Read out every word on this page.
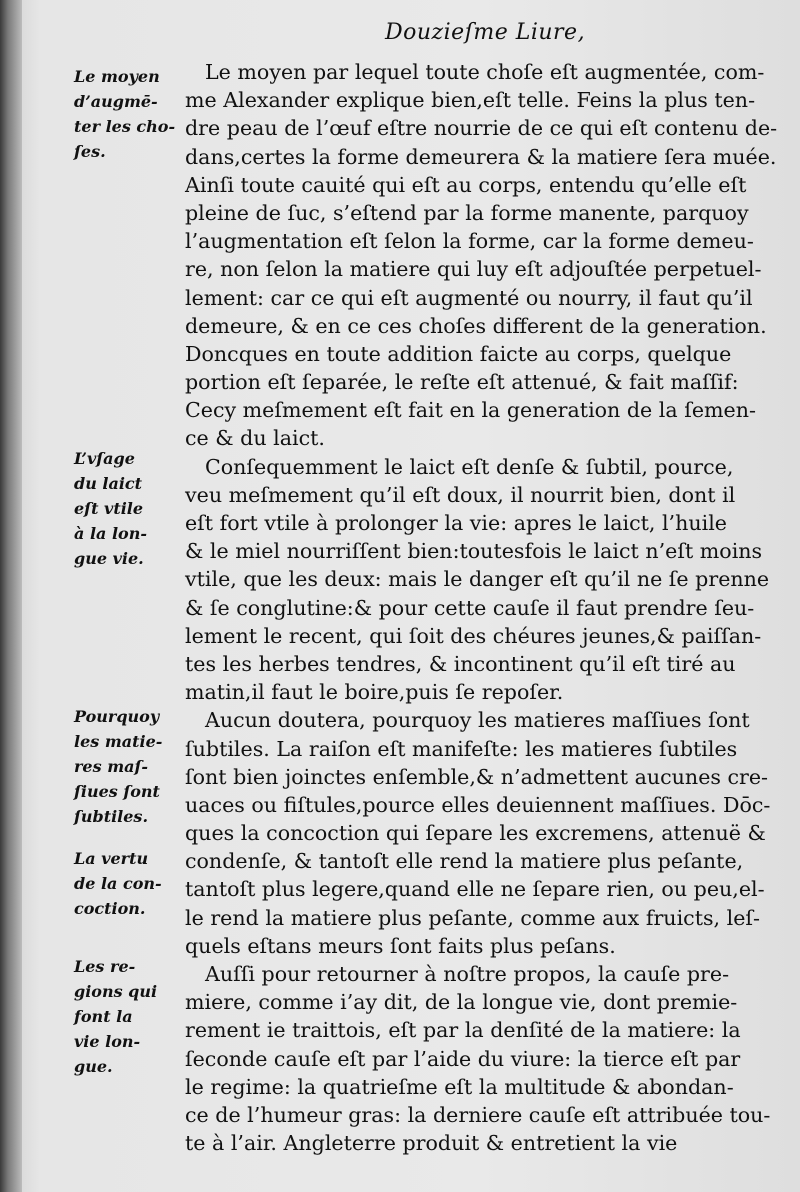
Douzieſme Liure,
Le moyen par lequel toute choſe eſt augmentée, com-
me Alexander explique bien,eſt telle. Feins la plus ten-
dre peau de l’œuf eſtre nourrie de ce qui eſt contenu de-
dans,certes la forme demeurera & la matiere ſera muée.
Ainſi toute cauité qui eſt au corps, entendu qu’elle eſt
pleine de ſuc, s’eſtend par la forme manente, parquoy
l’augmentation eſt ſelon la forme, car la forme demeu-
re, non ſelon la matiere qui luy eſt adjouſtée perpetuel-
lement: car ce qui eſt augmenté ou nourry, il faut qu’il
demeure, & en ce ces choſes different de la generation.
Doncques en toute addition faicte au corps, quelque
portion eſt ſeparée, le reſte eſt attenué, & fait maſſif:
Cecy meſmement eſt fait en la generation de la ſemen-
ce & du laict.
Conſequemment le laict eſt denſe & ſubtil, pource,
veu meſmement qu’il eſt doux, il nourrit bien, dont il
eſt fort vtile à prolonger la vie: apres le laict, l’huile
& le miel nourriſſent bien:toutesfois le laict n’eſt moins
vtile, que les deux: mais le danger eſt qu’il ne ſe prenne
& ſe conglutine:& pour cette cauſe il faut prendre ſeu-
lement le recent, qui ſoit des chéures jeunes,& paiſſan-
tes les herbes tendres, & incontinent qu’il eſt tiré au
matin,il faut le boire,puis ſe repoſer.
Aucun doutera, pourquoy les matieres maſſiues ſont
ſubtiles. La raiſon eſt manifeſte: les matieres ſubtiles
ſont bien joinctes enſemble,& n’admettent aucunes cre-
uaces ou fiſtules,pource elles deuiennent maſſiues. Dōc-
ques la concoction qui ſepare les excremens, attenuë &
condenſe, & tantoſt elle rend la matiere plus peſante,
tantoſt plus legere,quand elle ne ſepare rien, ou peu,el-
le rend la matiere plus peſante, comme aux fruicts, leſ-
quels eſtans meurs ſont faits plus peſans.
Auſſi pour retourner à noſtre propos, la cauſe pre-
miere, comme i’ay dit, de la longue vie, dont premie-
rement ie traittois, eſt par la denſité de la matiere: la
ſeconde cauſe eſt par l’aide du viure: la tierce eſt par
le regime: la quatrieſme eſt la multitude & abondan-
ce de l’humeur gras: la derniere cauſe eſt attribuée tou-
te à l’air. Angleterre produit & entretient la vie
Le moyen
d’augmē-
ter les cho-
ſes.
L’vſage
du laict
eſt vtile
à la lon-
gue vie.
Pourquoy
les matie-
res maſ-
ſiues ſont
ſubtiles.
La vertu
de la con-
coction.
Les re-
gions qui
font la
vie lon-
gue.
